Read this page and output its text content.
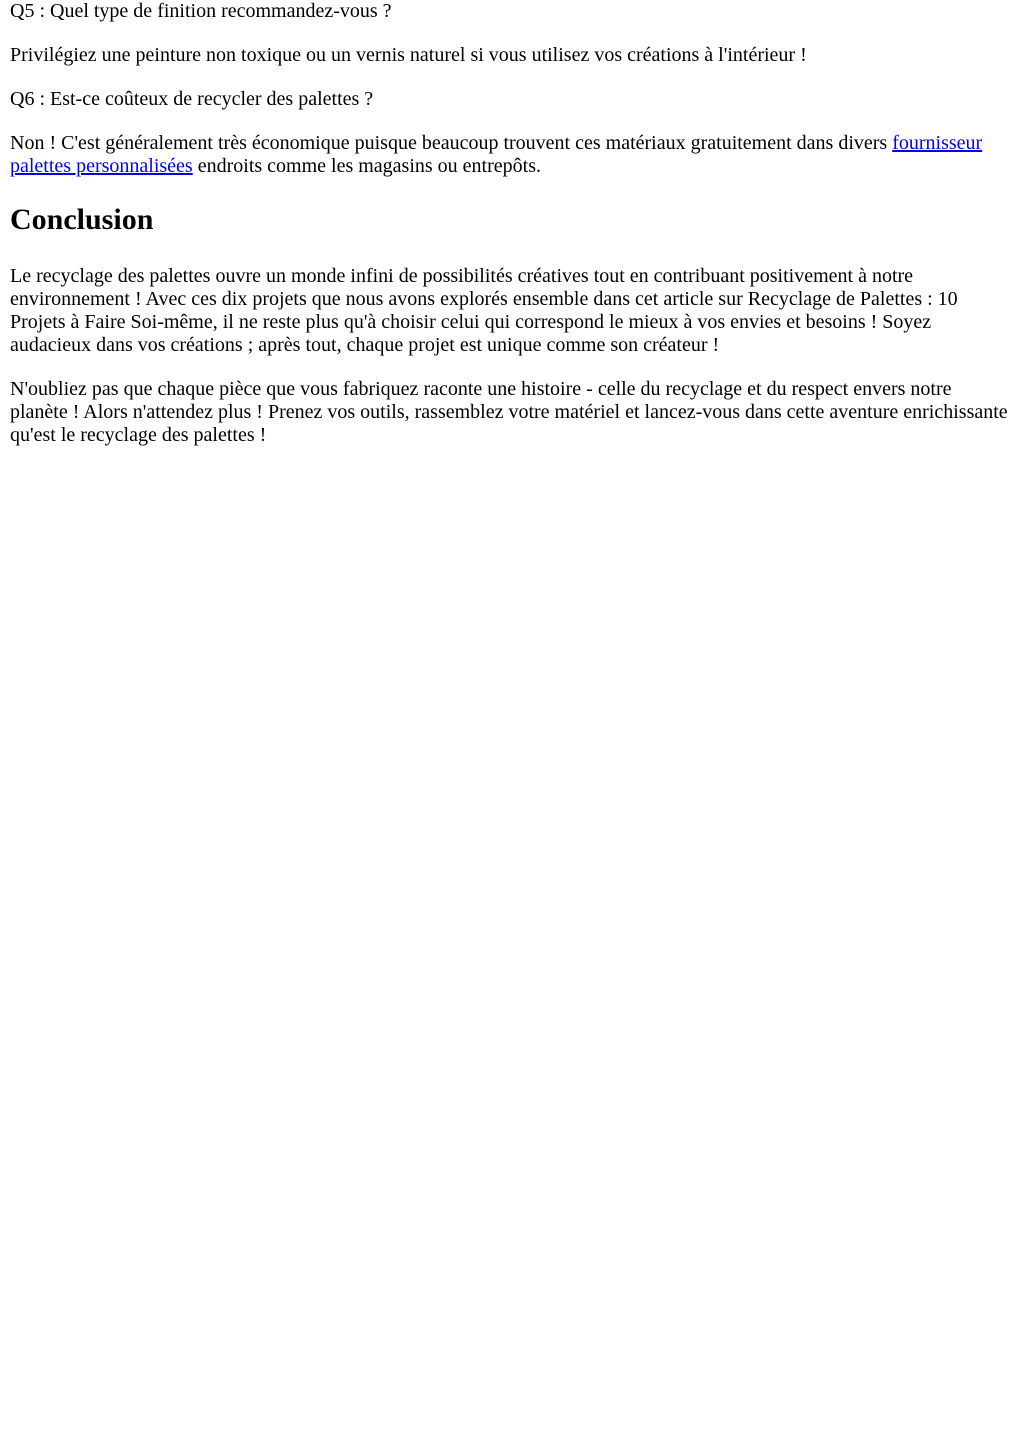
Q5 : Quel type de finition recommandez-vous ?

Privilégiez une peinture non toxique ou un vernis naturel si vous utilisez vos créations à l'intérieur !

Q6 : Est-ce coûteux de recycler des palettes ?

Non ! C'est généralement très économique puisque beaucoup trouvent ces matériaux gratuitement dans divers fournisseur palettes personnalisées endroits comme les magasins ou entrepôts.

Conclusion

Le recyclage des palettes ouvre un monde infini de possibilités créatives tout en contribuant positivement à notre environnement ! Avec ces dix projets que nous avons explorés ensemble dans cet article sur Recyclage de Palettes : 10 Projets à Faire Soi-même, il ne reste plus qu'à choisir celui qui correspond le mieux à vos envies et besoins ! Soyez audacieux dans vos créations ; après tout, chaque projet est unique comme son créateur !

N'oubliez pas que chaque pièce que vous fabriquez raconte une histoire - celle du recyclage et du respect envers notre planète ! Alors n'attendez plus ! Prenez vos outils, rassemblez votre matériel et lancez-vous dans cette aventure enrichissante qu'est le recyclage des palettes !
